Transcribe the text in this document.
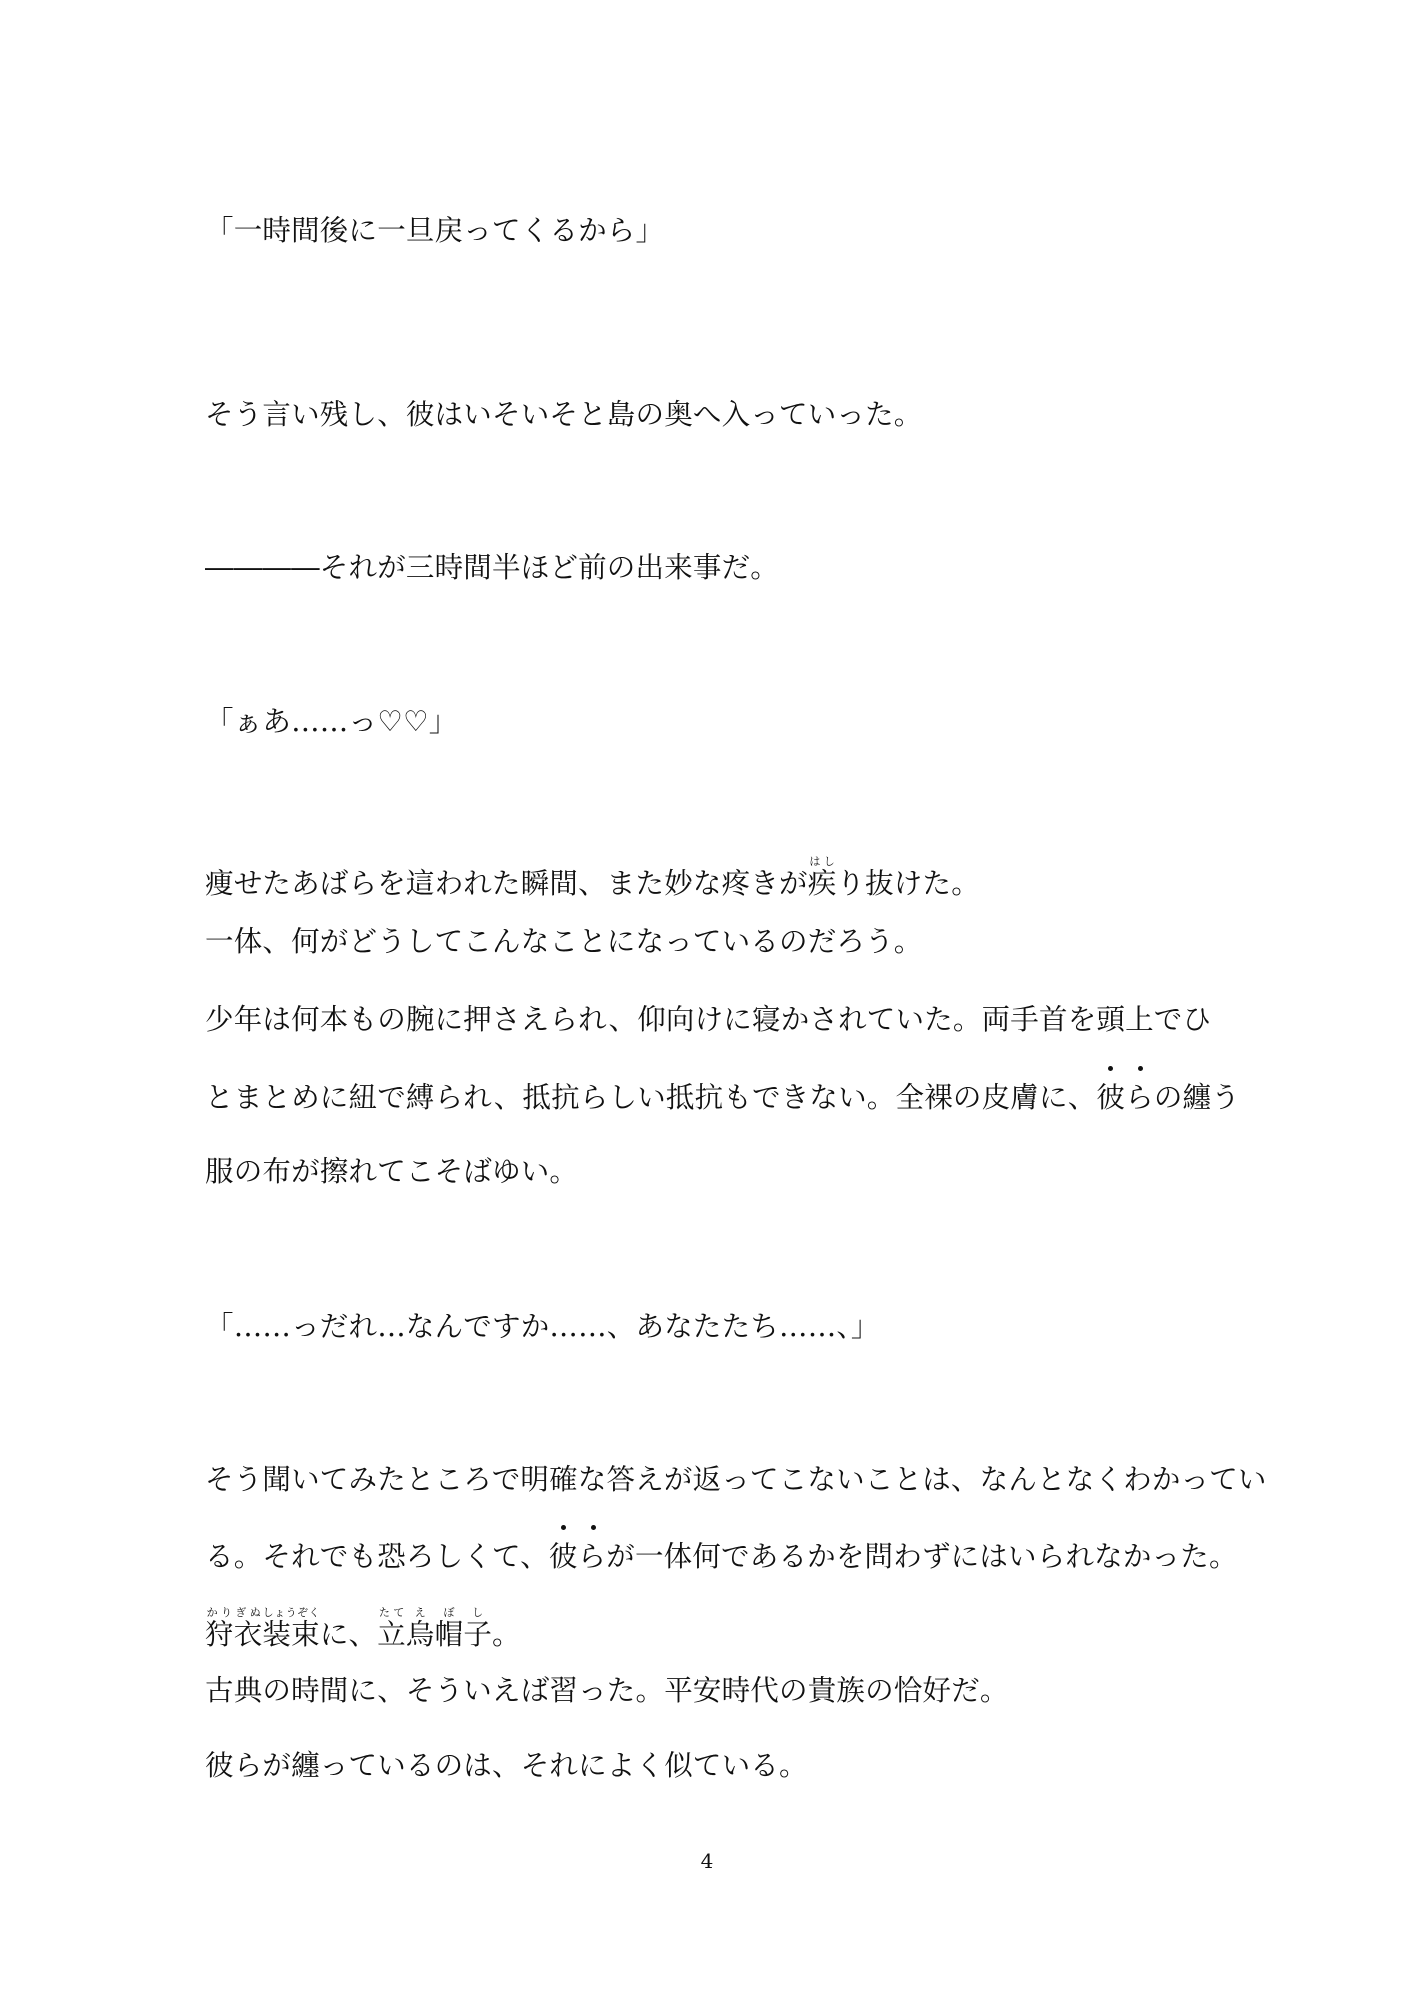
「一時間後に一旦戻ってくるから」
そう言い残し、彼はいそいそと島の奥へ入っていった。
――――それが三時間半ほど前の出来事だ。
「ぁあ……っ♡♡」
痩せたあばらを這われた瞬間、また妙な疼きが疾はしり抜けた。
一体、何がどうしてこんなことになっているのだろう。
少年は何本もの腕に押さえられ、仰向けに寝かされていた。両手首を頭上でひ
とまとめに紐で縛られ、抵抗らしい抵抗もできない。全裸の皮膚に、
彼らの纏う
服の布が擦れてこそばゆい。
「……っだれ…なんですか……、あなたたち……、」
そう聞いてみたところで明確な答えが返ってこないことは、なんとなくわかってい
る。それでも恐ろしくて、
彼らが一体何であるかを問わずにはいられなかった。
狩衣かりぎぬ装束しょうぞくに、立たて烏帽子えぼし。
古典の時間に、そういえば習った。平安時代の貴族の恰好だ。
彼らが纏っているのは、それによく似ている。
4
